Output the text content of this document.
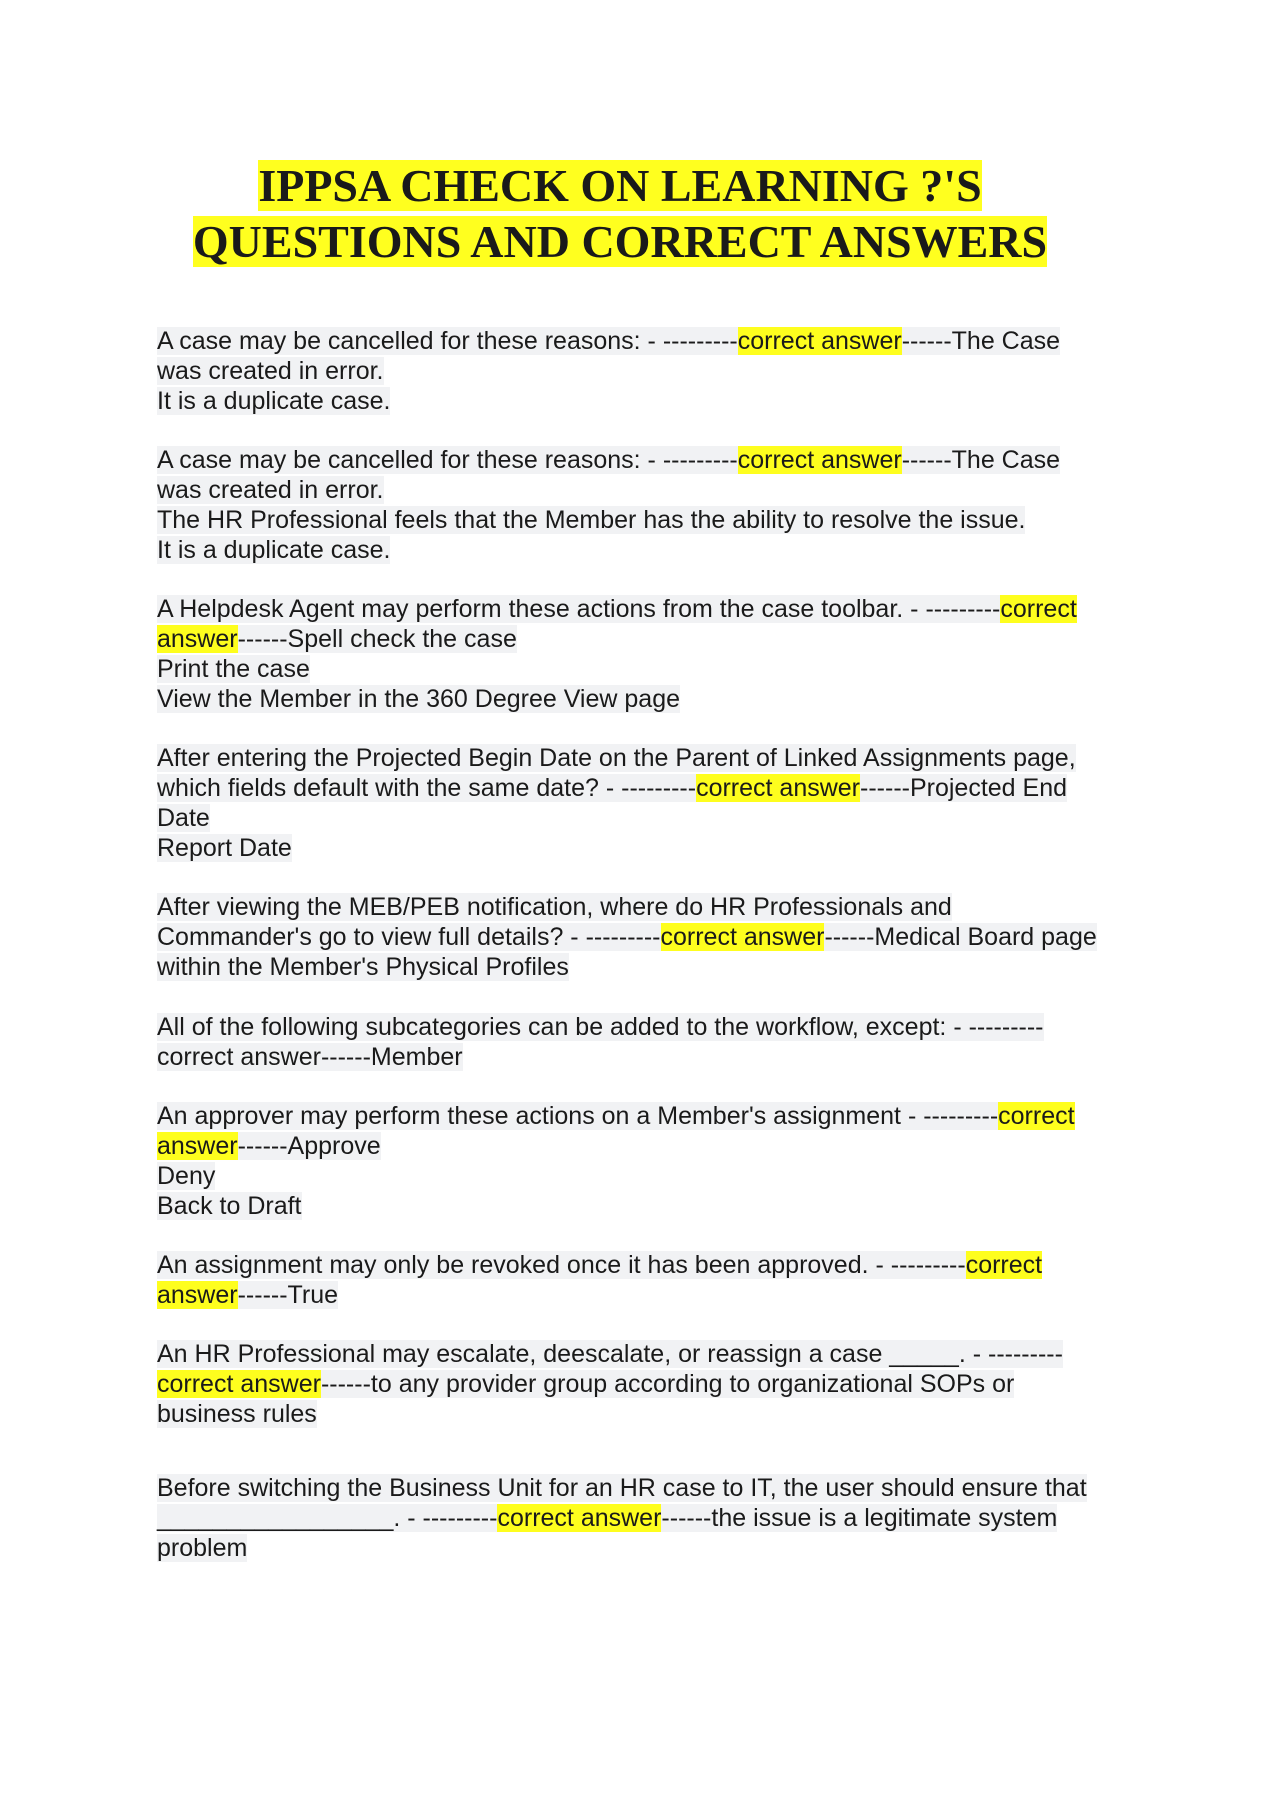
IPPSA CHECK ON LEARNING ?'S
QUESTIONS AND CORRECT ANSWERS
A case may be cancelled for these reasons: - ---------correct answer------The Case
was created in error.
It is a duplicate case.
A case may be cancelled for these reasons: - ---------correct answer------The Case
was created in error.
The HR Professional feels that the Member has the ability to resolve the issue.
It is a duplicate case.
A Helpdesk Agent may perform these actions from the case toolbar. - ---------correct
answer------Spell check the case
Print the case
View the Member in the 360 Degree View page
After entering the Projected Begin Date on the Parent of Linked Assignments page,
which fields default with the same date? - ---------correct answer------Projected End
Date
Report Date
After viewing the MEB/PEB notification, where do HR Professionals and
Commander's go to view full details? - ---------correct answer------Medical Board page
within the Member's Physical Profiles
All of the following subcategories can be added to the workflow, except: - ---------
correct answer------Member
An approver may perform these actions on a Member's assignment - ---------correct
answer------Approve
Deny
Back to Draft
An assignment may only be revoked once it has been approved. - ---------correct
answer------True
An HR Professional may escalate, deescalate, or reassign a case _____. - ---------
correct answer------to any provider group according to organizational SOPs or
business rules
Before switching the Business Unit for an HR case to IT, the user should ensure that
_________________. - ---------correct answer------the issue is a legitimate system
problem
